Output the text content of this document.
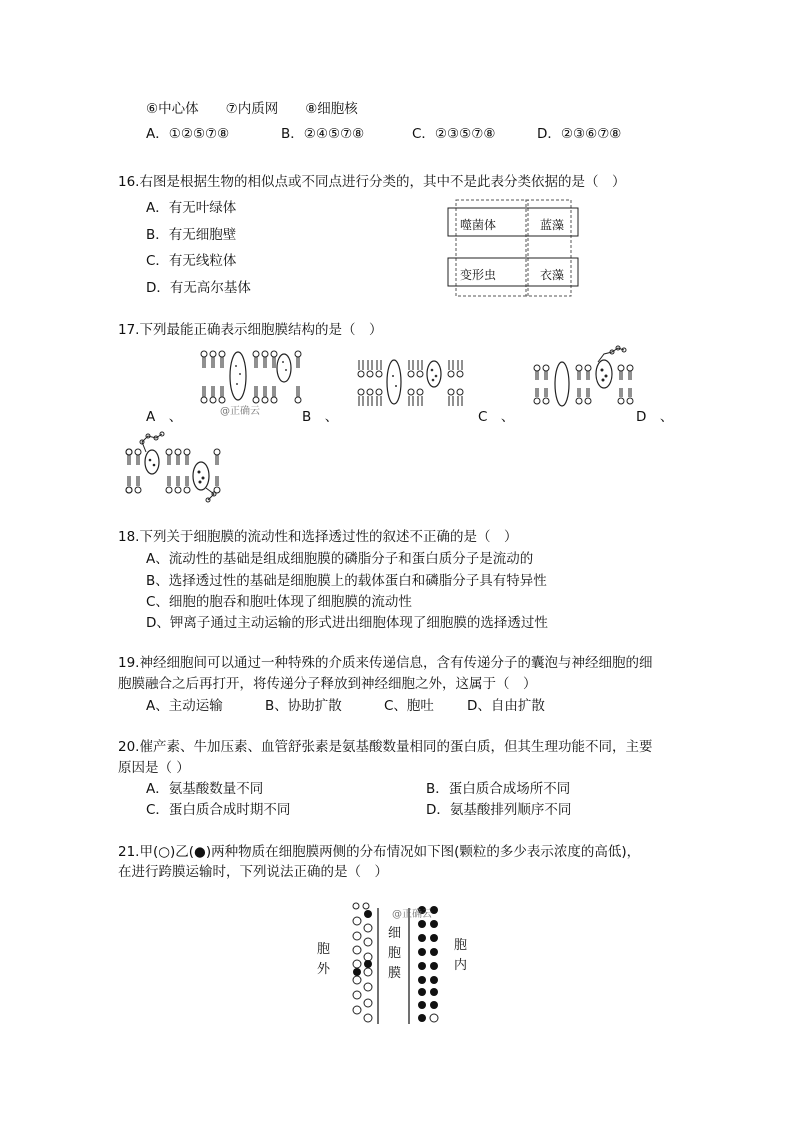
⑥中心体　　⑦内质网　　⑧细胞核
A．①②⑤⑦⑧	B．②④⑤⑦⑧	C．②③⑤⑦⑧	D．②③⑥⑦⑧
16.右图是根据生物的相似点或不同点进行分类的，其中不是此表分类依据的是（　）
A．有无叶绿体
B．有无细胞壁
C．有无线粒体
D．有无高尔基体
噬菌体	蓝藻
变形虫	衣藻
17.下列最能正确表示细胞膜结构的是（　）
@正确云
A　、	B　、	C　、	D　、
18.下列关于细胞膜的流动性和选择透过性的叙述不正确的是（　）
A、流动性的基础是组成细胞膜的磷脂分子和蛋白质分子是流动的
B、选择透过性的基础是细胞膜上的载体蛋白和磷脂分子具有特异性
C、细胞的胞吞和胞吐体现了细胞膜的流动性
D、钾离子通过主动运输的形式进出细胞体现了细胞膜的选择透过性
19.神经细胞间可以通过一种特殊的介质来传递信息，含有传递分子的囊泡与神经细胞的细
胞膜融合之后再打开，将传递分子释放到神经细胞之外，这属于（　）
A、主动运输	B、协助扩散	C、胞吐 D、自由扩散
20.催产素、牛加压素、血管舒张素是氨基酸数量相同的蛋白质，但其生理功能不同，主要
原因是（ ）
A．氨基酸数量不同	B．蛋白质合成场所不同
C．蛋白质合成时期不同	D．氨基酸排列顺序不同
21.甲(○)乙(●)两种物质在细胞膜两侧的分布情况如下图(颗粒的多少表示浓度的高低)，
在进行跨膜运输时，下列说法正确的是（　）
@正确云
胞外
细胞膜
胞内
